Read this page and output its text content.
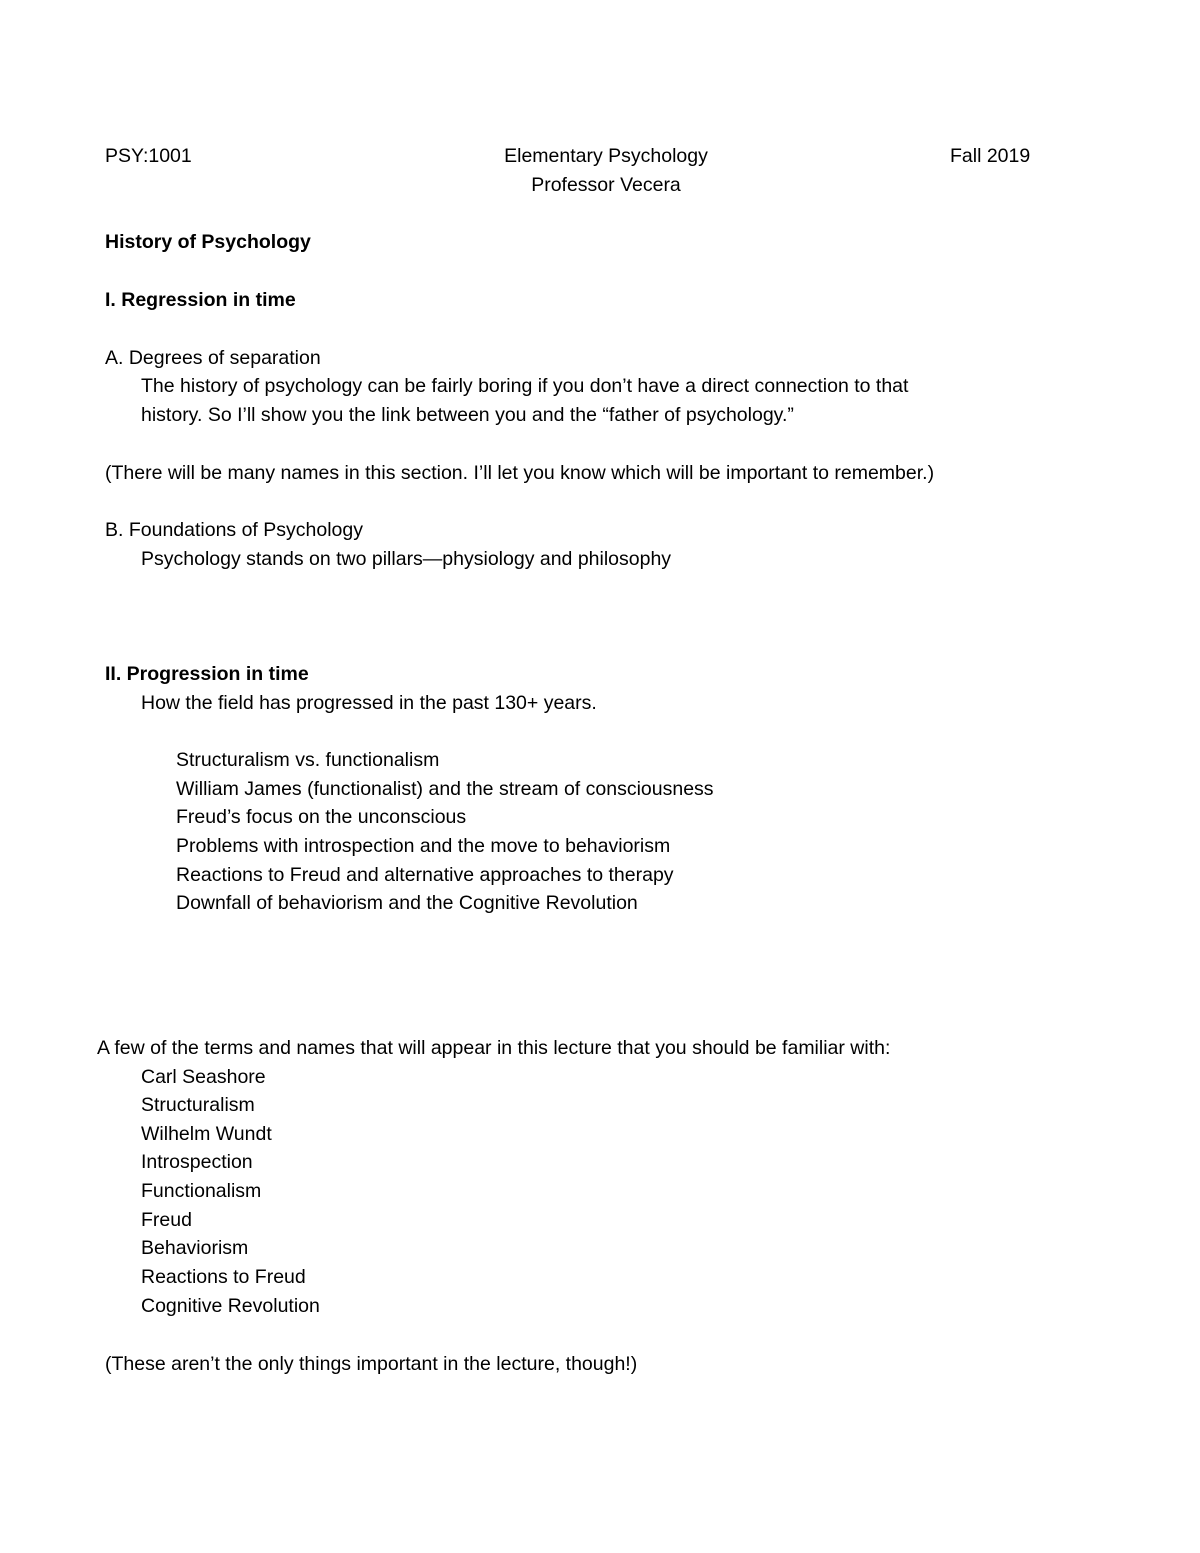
PSY:1001	Elementary Psychology	Fall 2019
Professor Vecera
History of Psychology
I. Regression in time
A. Degrees of separation
The history of psychology can be fairly boring if you don’t have a direct connection to that
history. So I’ll show you the link between you and the “father of psychology.”
(There will be many names in this section. I’ll let you know which will be important to remember.)
B. Foundations of Psychology
Psychology stands on two pillars—physiology and philosophy
II. Progression in time
How the field has progressed in the past 130+ years.
Structuralism vs. functionalism
William James (functionalist) and the stream of consciousness
Freud’s focus on the unconscious
Problems with introspection and the move to behaviorism
Reactions to Freud and alternative approaches to therapy
Downfall of behaviorism and the Cognitive Revolution
A few of the terms and names that will appear in this lecture that you should be familiar with:
Carl Seashore
Structuralism
Wilhelm Wundt
Introspection
Functionalism
Freud
Behaviorism
Reactions to Freud
Cognitive Revolution
(These aren’t the only things important in the lecture, though!)
